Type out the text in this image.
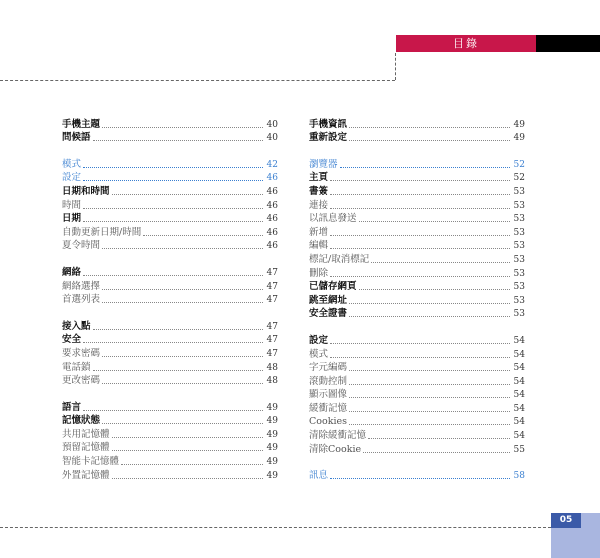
目錄
05
手機主題	40
問候語	40
模式	42
設定	46
日期和時間	46
時間	46
日期	46
自動更新日期/時間	46
夏令時間	46
網絡	47
網絡選擇	47
首選列表	47
接入點	47
安全	47
要求密碼	47
電話鎖	48
更改密碼	48
語言	49
記憶狀態	49
共用記憶體	49
預留記憶體	49
智能卡記憶體	49
外置記憶體	49
手機資訊	49
重新設定	49
瀏覽器	52
主頁	52
書簽	53
連接	53
以訊息發送	53
新增	53
編輯	53
標記/取消標記	53
刪除	53
已儲存網頁	53
跳至網址	53
安全證書	53
設定	54
模式	54
字元編碼	54
滾動控制	54
顯示圖像	54
緩衝記憶	54
Cookies	54
清除緩衝記憶	54
清除Cookie	55
訊息	58
